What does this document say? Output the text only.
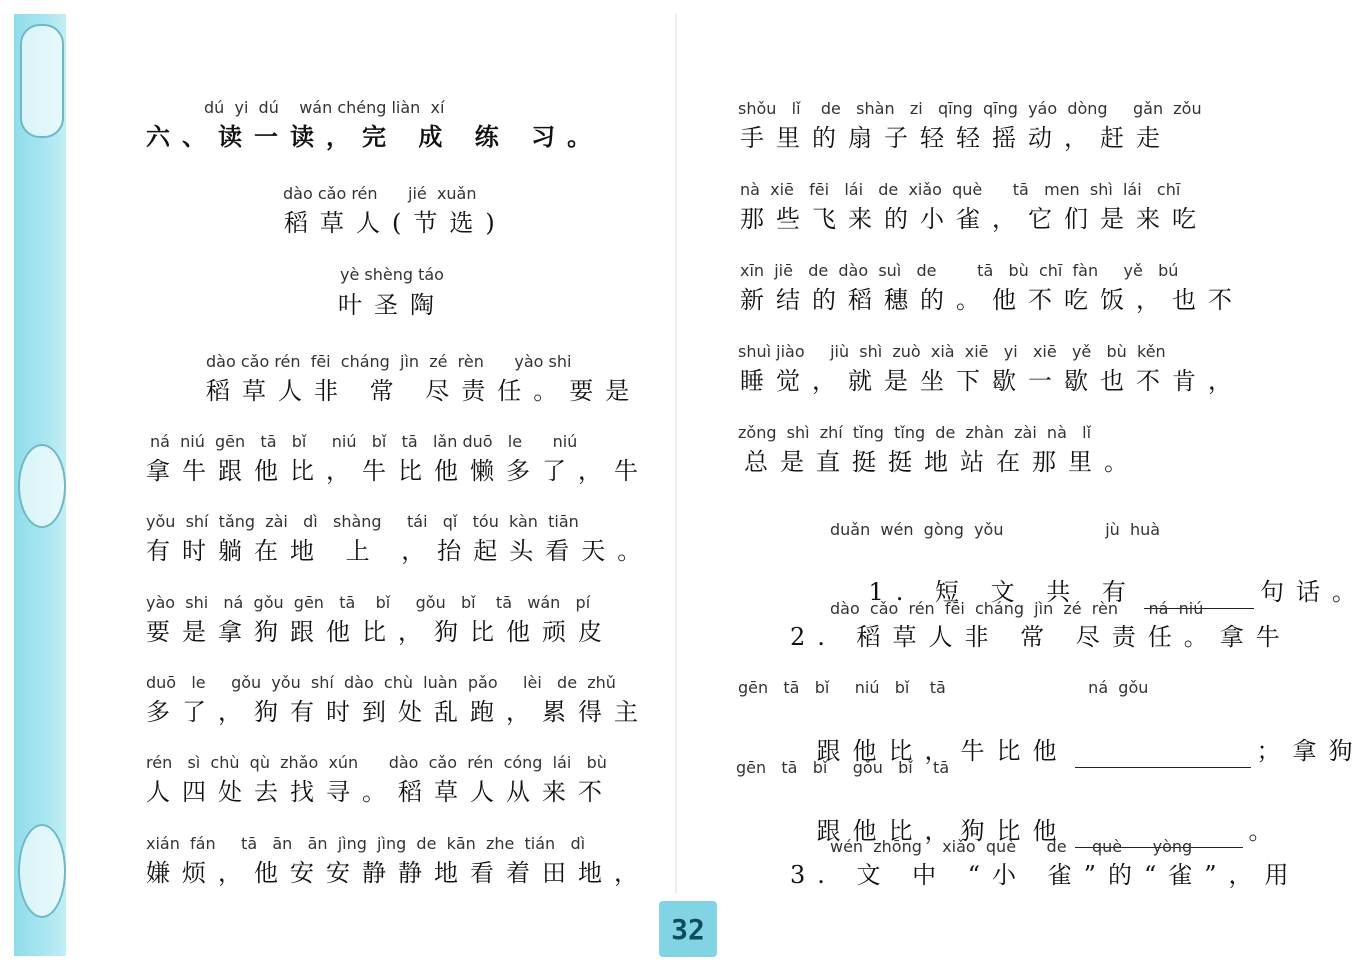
dú  yi  dú    wán chéng liàn  xí
六、读一读，完 成 练 习。
dào cǎo rén      jié  xuǎn
稻草人(节选)
yè shèng táo
叶圣陶
dào cǎo rén  fēi  cháng  jìn  zé  rèn      yào shi
稻草人非 常 尽责任。要是
ná  niú  gēn   tā   bǐ     niú   bǐ   tā   lǎn duō   le      niú
拿牛跟他比，牛比他懒多了，牛
yǒu  shí  tǎng  zài   dì   shàng     tái   qǐ   tóu  kàn  tiān
有时躺在地 上 ，抬起头看天。
yào  shi   ná  gǒu  gēn   tā    bǐ     gǒu   bǐ    tā   wán   pí
要是拿狗跟他比，狗比他顽皮
duō   le     gǒu  yǒu  shí  dào  chù  luàn  pǎo     lèi   de  zhǔ
多了，狗有时到处乱跑，累得主
rén   sì  chù  qù  zhǎo  xún      dào  cǎo  rén  cóng  lái   bù
人四处去找寻。稻草人从来不
xián  fán     tā   ān   ān  jìng  jìng  de  kān  zhe  tián   dì
嫌烦，他安安静静地看着田地，
shǒu   lǐ    de   shàn   zi   qīng  qīng  yáo  dòng     gǎn  zǒu
手里的扇子轻轻摇动，赶走
nà  xiē   fēi   lái   de  xiǎo  què      tā   men  shì  lái   chī
那些飞来的小雀，它们是来吃
xīn  jiē   de  dào  suì   de        tā   bù  chī  fàn     yě   bú
新结的稻穗的。他不吃饭，也不
shuì jiào     jiù  shì  zuò  xià  xiē   yi   xiē   yě   bù  kěn
睡觉，就是坐下歇一歇也不肯，
zǒng  shì  zhí  tǐng  tǐng  de  zhàn  zài  nà   lǐ
总是直挺挺地站在那里。
duǎn  wén  gòng  yǒu                    jù  huà

1. 短 文 共 有	句话。

dào  cǎo  rén  fēi  cháng  jìn  zé  rèn      ná  niú
2. 稻草人非 常 尽责任。拿牛
gēn   tā   bǐ     niú   bǐ    tā                            ná  gǒu

跟他比，牛比他	；拿狗

gēn   tā   bǐ     gǒu   bǐ    tā

跟他比，狗比他	。

wén  zhōng    xiǎo  què      de     què      yòng
3. 文 中 “小 雀”的“雀”，用
32
